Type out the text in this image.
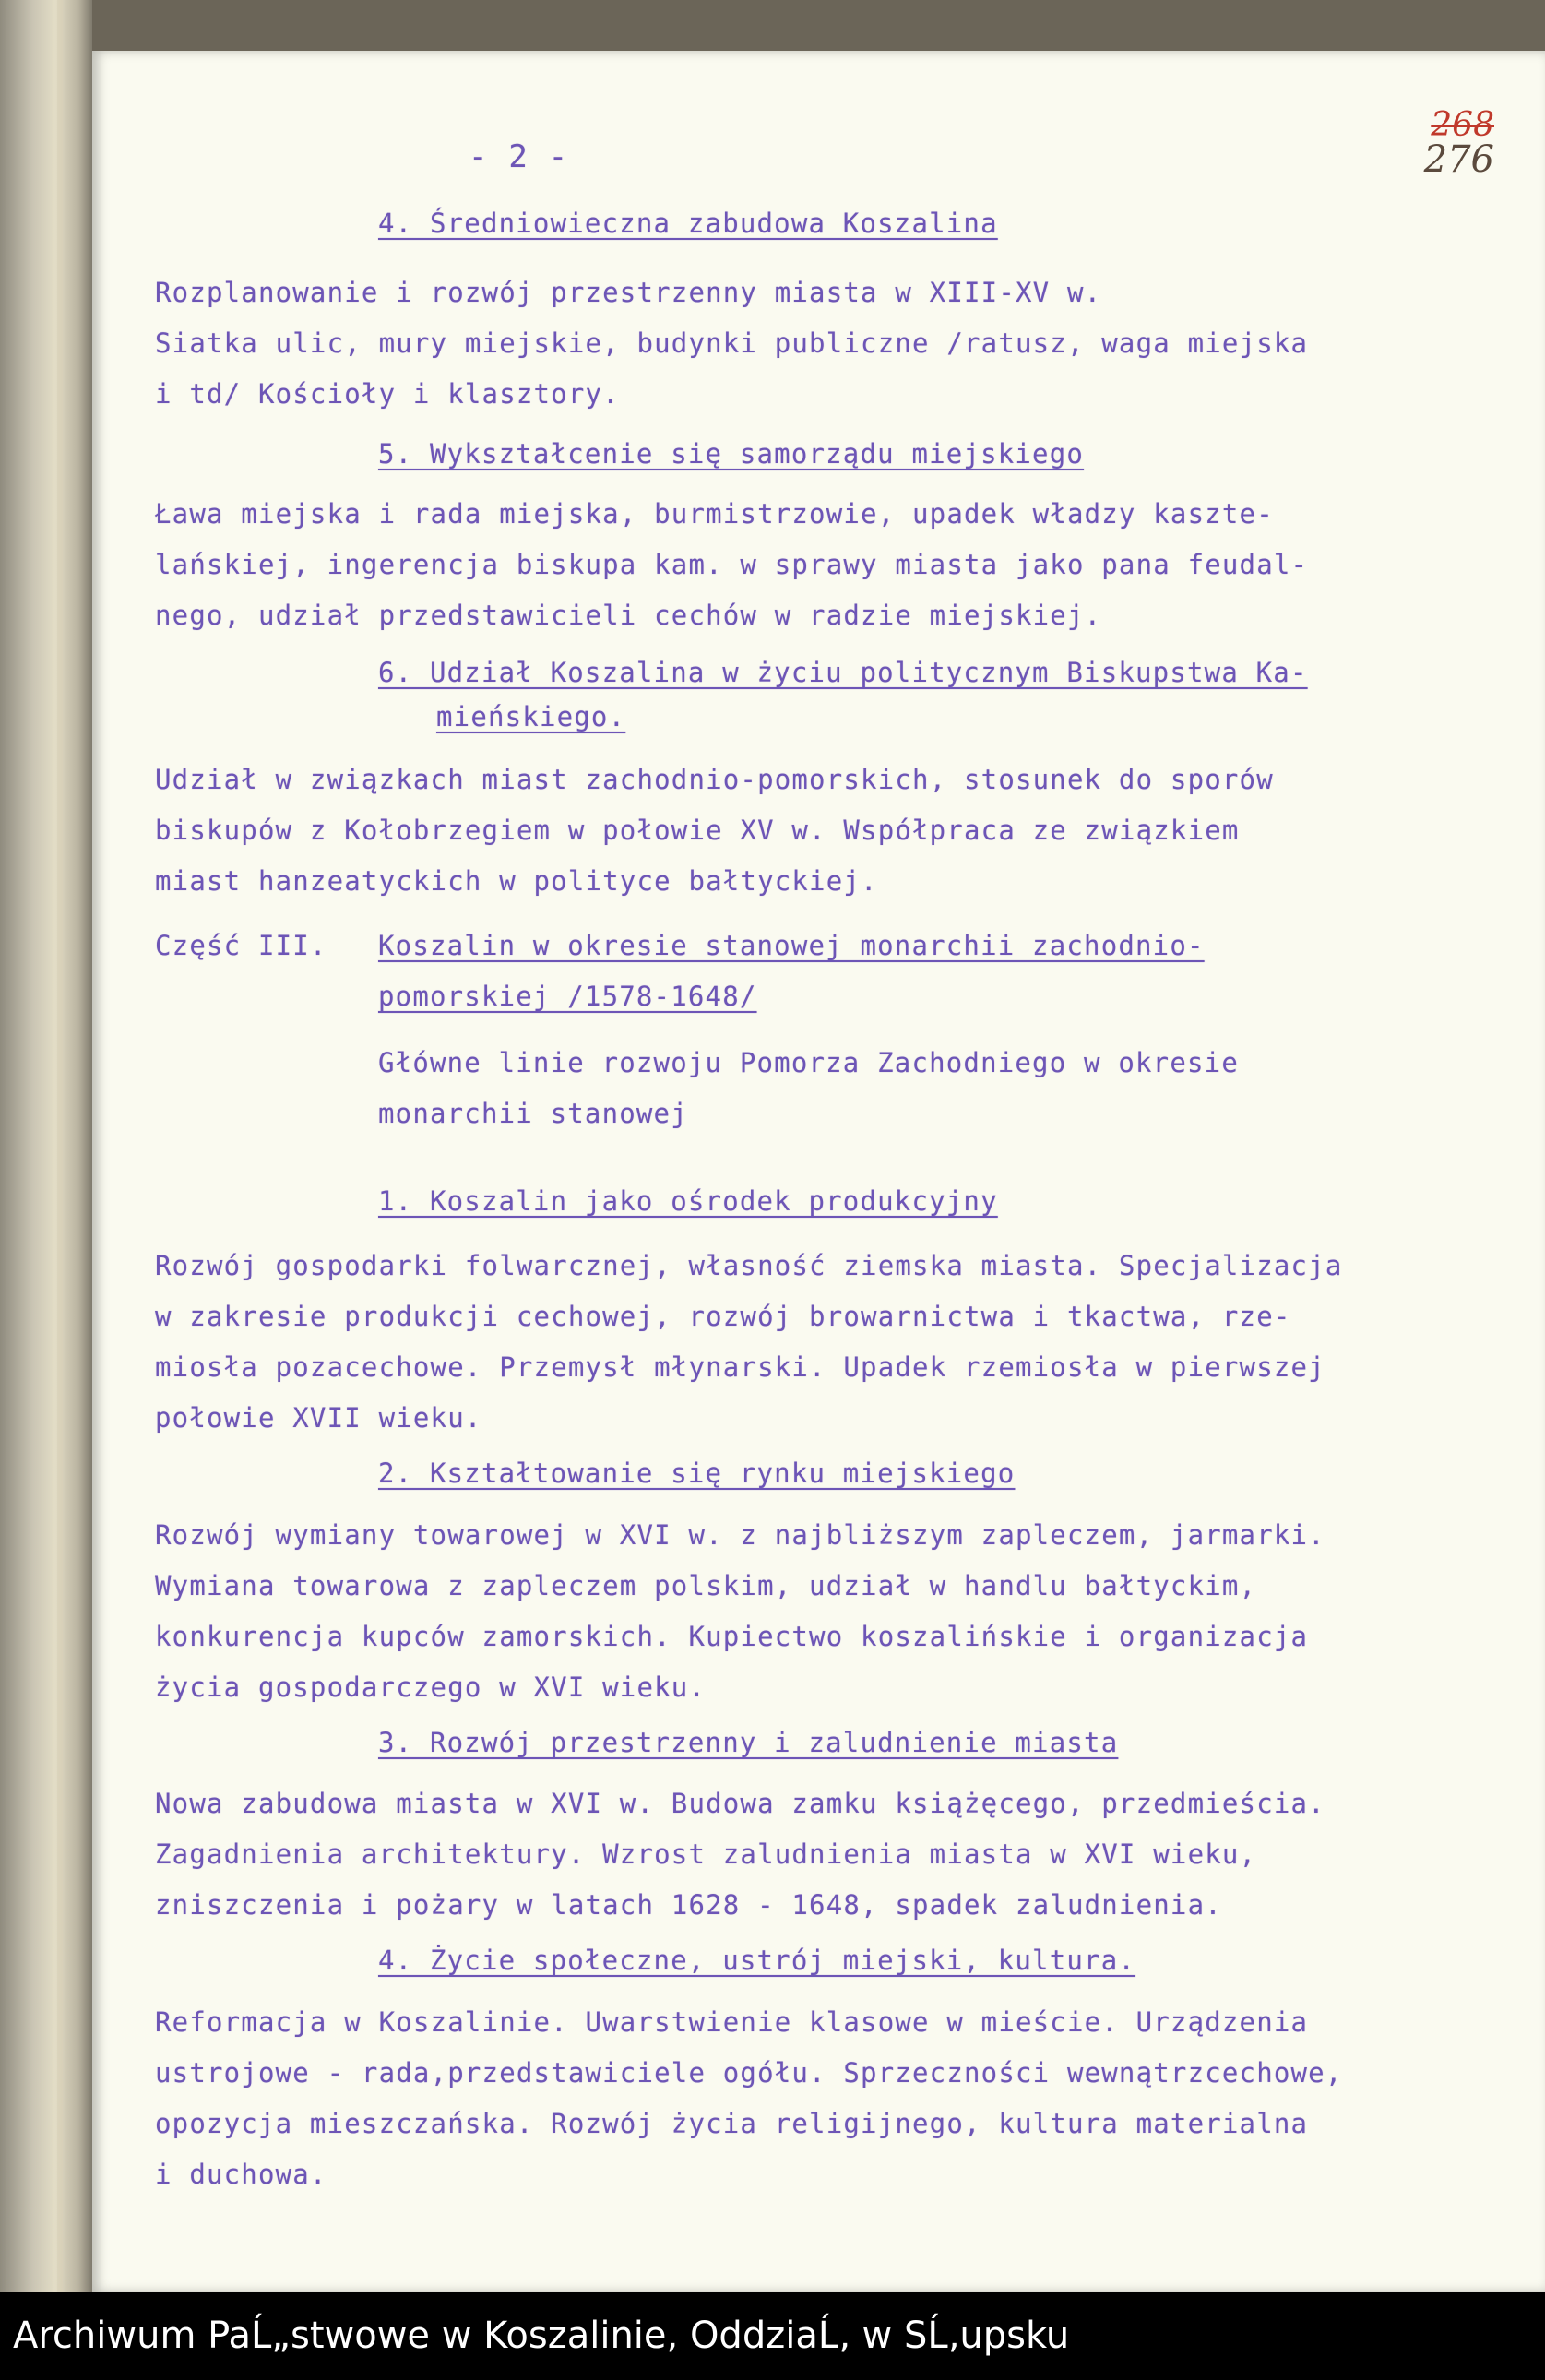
268
276
- 2 -
4. Średniowieczna zabudowa Koszalina
Rozplanowanie i rozwój przestrzenny miasta w XIII-XV w.
Siatka ulic, mury miejskie, budynki publiczne /ratusz, waga miejska
i td/ Kościoły i klasztory.
5. Wykształcenie się samorządu miejskiego
Ława miejska i rada miejska, burmistrzowie, upadek władzy kaszte-
lańskiej, ingerencja biskupa kam. w sprawy miasta jako pana feudal-
nego, udział przedstawicieli cechów w radzie miejskiej.
6. Udział Koszalina w życiu politycznym Biskupstwa Ka-
mieńskiego.
Udział w związkach miast zachodnio-pomorskich, stosunek do sporów
biskupów z Kołobrzegiem w połowie XV w. Współpraca ze związkiem
miast hanzeatyckich w polityce bałtyckiej.
Część III. Koszalin w okresie stanowej monarchii zachodnio-
pomorskiej /1578-1648/
Główne linie rozwoju Pomorza Zachodniego w okresie
monarchii stanowej
1. Koszalin jako ośrodek produkcyjny
Rozwój gospodarki folwarcznej, własność ziemska miasta. Specjalizacja
w zakresie produkcji cechowej, rozwój browarnictwa i tkactwa, rze-
miosła pozacechowe. Przemysł młynarski. Upadek rzemiosła w pierwszej
połowie XVII wieku.
2. Kształtowanie się rynku miejskiego
Rozwój wymiany towarowej w XVI w. z najbliższym zapleczem, jarmarki.
Wymiana towarowa z zapleczem polskim, udział w handlu bałtyckim,
konkurencja kupców zamorskich. Kupiectwo koszalińskie i organizacja
życia gospodarczego w XVI wieku.
3. Rozwój przestrzenny i zaludnienie miasta
Nowa zabudowa miasta w XVI w. Budowa zamku książęcego, przedmieścia.
Zagadnienia architektury. Wzrost zaludnienia miasta w XVI wieku,
zniszczenia i pożary w latach 1628 - 1648, spadek zaludnienia.
4. Życie społeczne, ustrój miejski, kultura.
Reformacja w Koszalinie. Uwarstwienie klasowe w mieście. Urządzenia
ustrojowe - rada,przedstawiciele ogółu. Sprzeczności wewnątrzcechowe,
opozycja mieszczańska. Rozwój życia religijnego, kultura materialna
i duchowa.
Archiwum PaĹ„stwowe w Koszalinie, OddziaĹ‚ w SĹ‚upsku
